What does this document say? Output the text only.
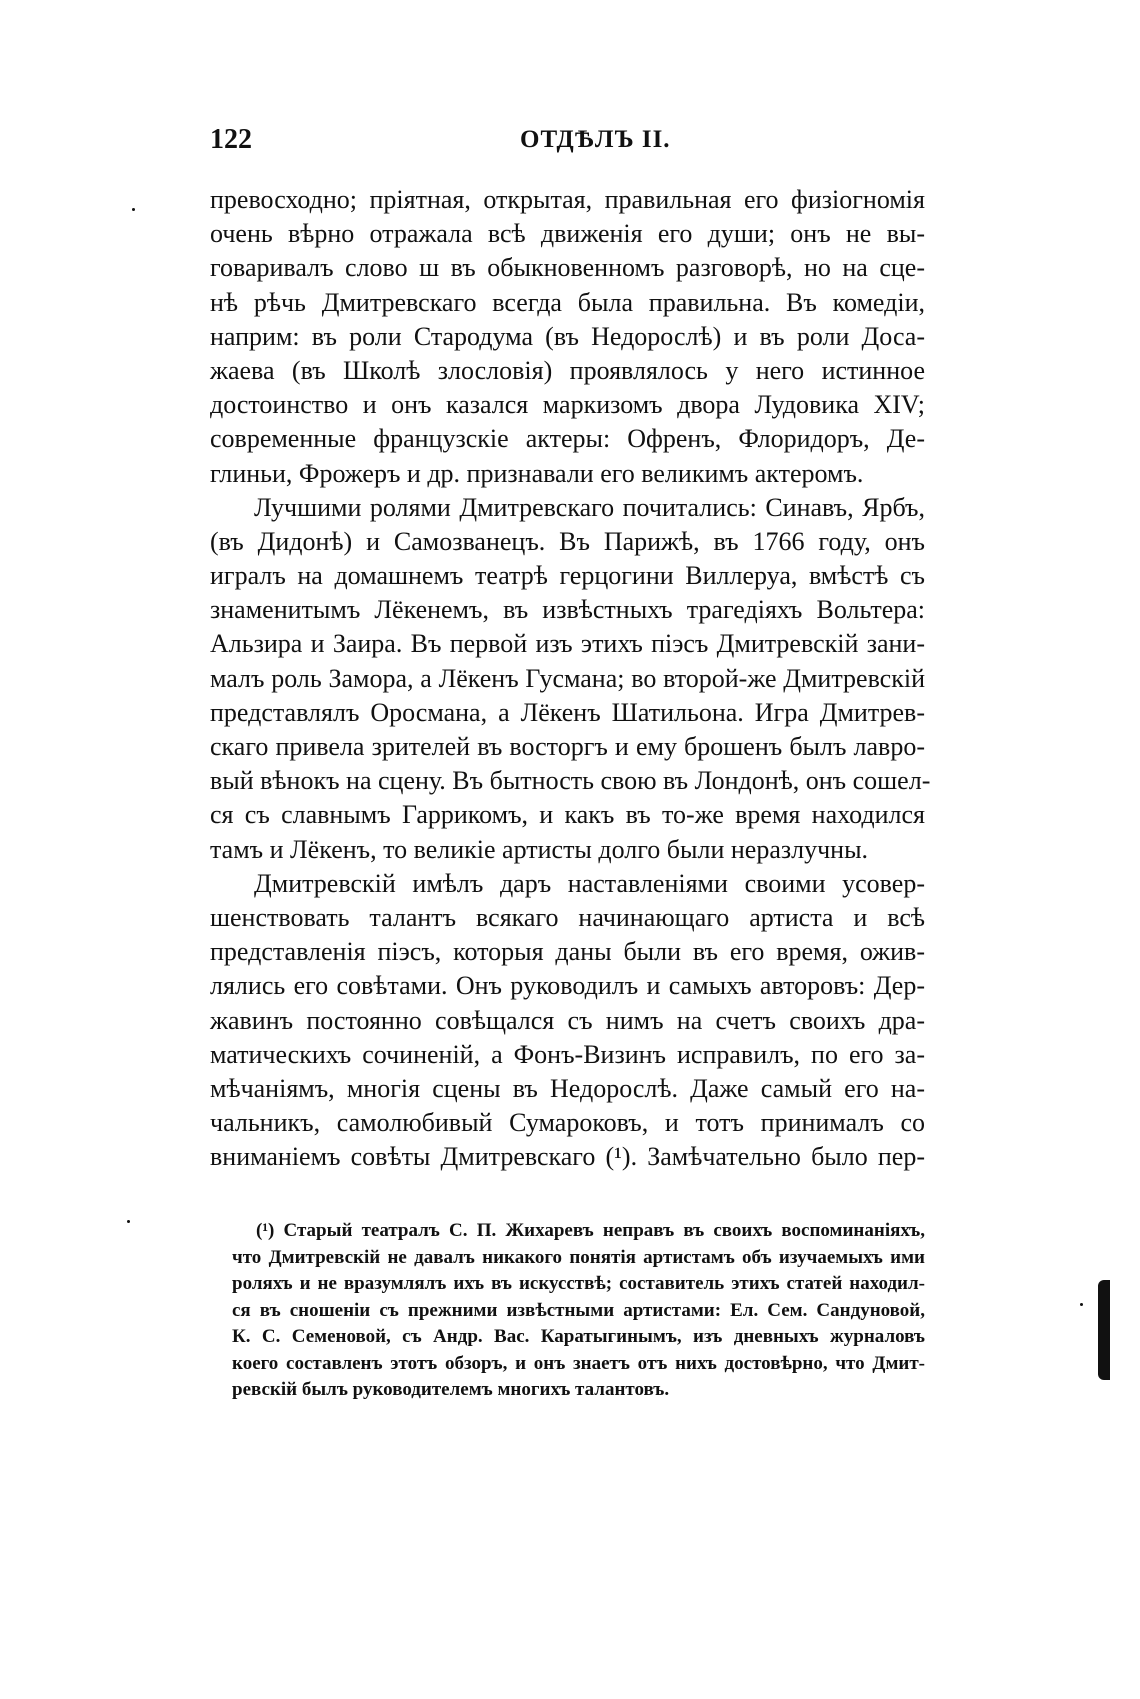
122	ОТДѢЛЪ II.
превосходно; пріятная, открытая, правильная его физіогномія
очень вѣрно отражала всѣ движенія его души; онъ не вы-
говаривалъ слово ш въ обыкновенномъ разговорѣ, но на сце-
нѣ рѣчь Дмитревскаго всегда была правильна. Въ комедіи,
наприм: въ роли Стародума (въ Недорослѣ) и въ роли Доса-
жаева (въ Школѣ злословія) проявлялось у него истинное
достоинство и онъ казался маркизомъ двора Лудовика XIV;
современные французскіе актеры: Офренъ, Флоридоръ, Де-
глиньи, Фрожеръ и др. признавали его великимъ актеромъ.
Лучшими ролями Дмитревскаго почитались: Синавъ, Ярбъ,
(въ Дидонѣ) и Самозванецъ. Въ Парижѣ, въ 1766 году, онъ
игралъ на домашнемъ театрѣ герцогини Виллеруа, вмѣстѣ съ
знаменитымъ Лёкенемъ, въ извѣстныхъ трагедіяхъ Вольтера:
Альзира и Заира. Въ первой изъ этихъ піэсъ Дмитревскій зани-
малъ роль Замора, а Лёкенъ Гусмана; во второй-же Дмитревскій
представлялъ Оросмана, а Лёкенъ Шатильона. Игра Дмитрев-
скаго привела зрителей въ восторгъ и ему брошенъ былъ лавро-
вый вѣнокъ на сцену. Въ бытность свою въ Лондонѣ, онъ сошел-
ся съ славнымъ Гаррикомъ, и какъ въ то-же время находился
тамъ и Лёкенъ, то великіе артисты долго были неразлучны.
Дмитревскій имѣлъ даръ наставленіями своими усовер-
шенствовать талантъ всякаго начинающаго артиста и всѣ
представленія піэсъ, которыя даны были въ его время, ожив-
лялись его совѣтами. Онъ руководилъ и самыхъ авторовъ: Дер-
жавинъ постоянно совѣщался съ нимъ на счетъ своихъ дра-
матическихъ сочиненій, а Фонъ-Визинъ исправилъ, по его за-
мѣчаніямъ, многія сцены въ Недорослѣ. Даже самый его на-
чальникъ, самолюбивый Сумароковъ, и тотъ принималъ со
вниманіемъ совѣты Дмитревскаго (¹). Замѣчательно было пер-
(¹) Старый театралъ С. П. Жихаревъ неправъ въ своихъ воспоминаніяхъ,
что Дмитревскій не давалъ никакого понятія артистамъ объ изучаемыхъ ими
роляхъ и не вразумлялъ ихъ въ искусствѣ; составитель этихъ статей находил-
ся въ сношеніи съ прежними извѣстными артистами: Ел. Сем. Сандуновой,
К. С. Семеновой, съ Андр. Вас. Каратыгинымъ, изъ дневныхъ журналовъ
коего составленъ этотъ обзоръ, и онъ знаетъ отъ нихъ достовѣрно, что Дмит-
ревскій былъ руководителемъ многихъ талантовъ.
